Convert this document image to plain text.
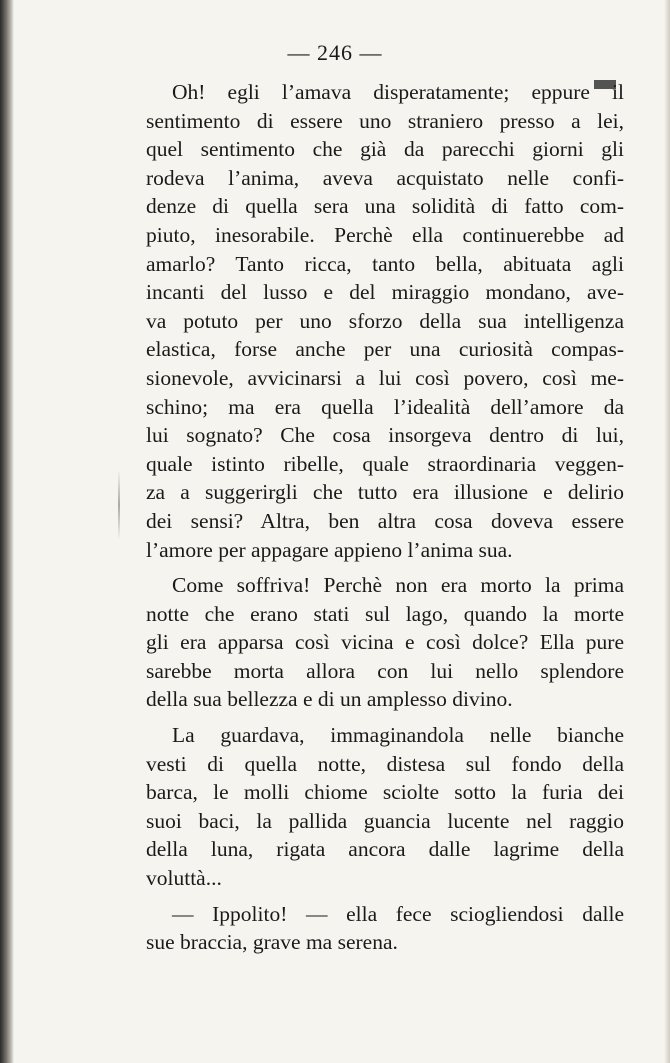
— 246 —
Oh! egli l’amava disperatamente; eppure il
sentimento di essere uno straniero presso a lei,
quel sentimento che già da parecchi giorni gli
rodeva l’anima, aveva acquistato nelle confi-
denze di quella sera una solidità di fatto com-
piuto, inesorabile. Perchè ella continuerebbe ad
amarlo? Tanto ricca, tanto bella, abituata agli
incanti del lusso e del miraggio mondano, ave-
va potuto per uno sforzo della sua intelligenza
elastica, forse anche per una curiosità compas-
sionevole, avvicinarsi a lui così povero, così me-
schino; ma era quella l’idealità dell’amore da
lui sognato? Che cosa insorgeva dentro di lui,
quale istinto ribelle, quale straordinaria veggen-
za a suggerirgli che tutto era illusione e delirio
dei sensi? Altra, ben altra cosa doveva essere
l’amore per appagare appieno l’anima sua.
Come soffriva! Perchè non era morto la prima
notte che erano stati sul lago, quando la morte
gli era apparsa così vicina e così dolce? Ella pure
sarebbe morta allora con lui nello splendore
della sua bellezza e di un amplesso divino.
La guardava, immaginandola nelle bianche
vesti di quella notte, distesa sul fondo della
barca, le molli chiome sciolte sotto la furia dei
suoi baci, la pallida guancia lucente nel raggio
della luna, rigata ancora dalle lagrime della
voluttà...
— Ippolito! — ella fece sciogliendosi dalle
sue braccia, grave ma serena.
